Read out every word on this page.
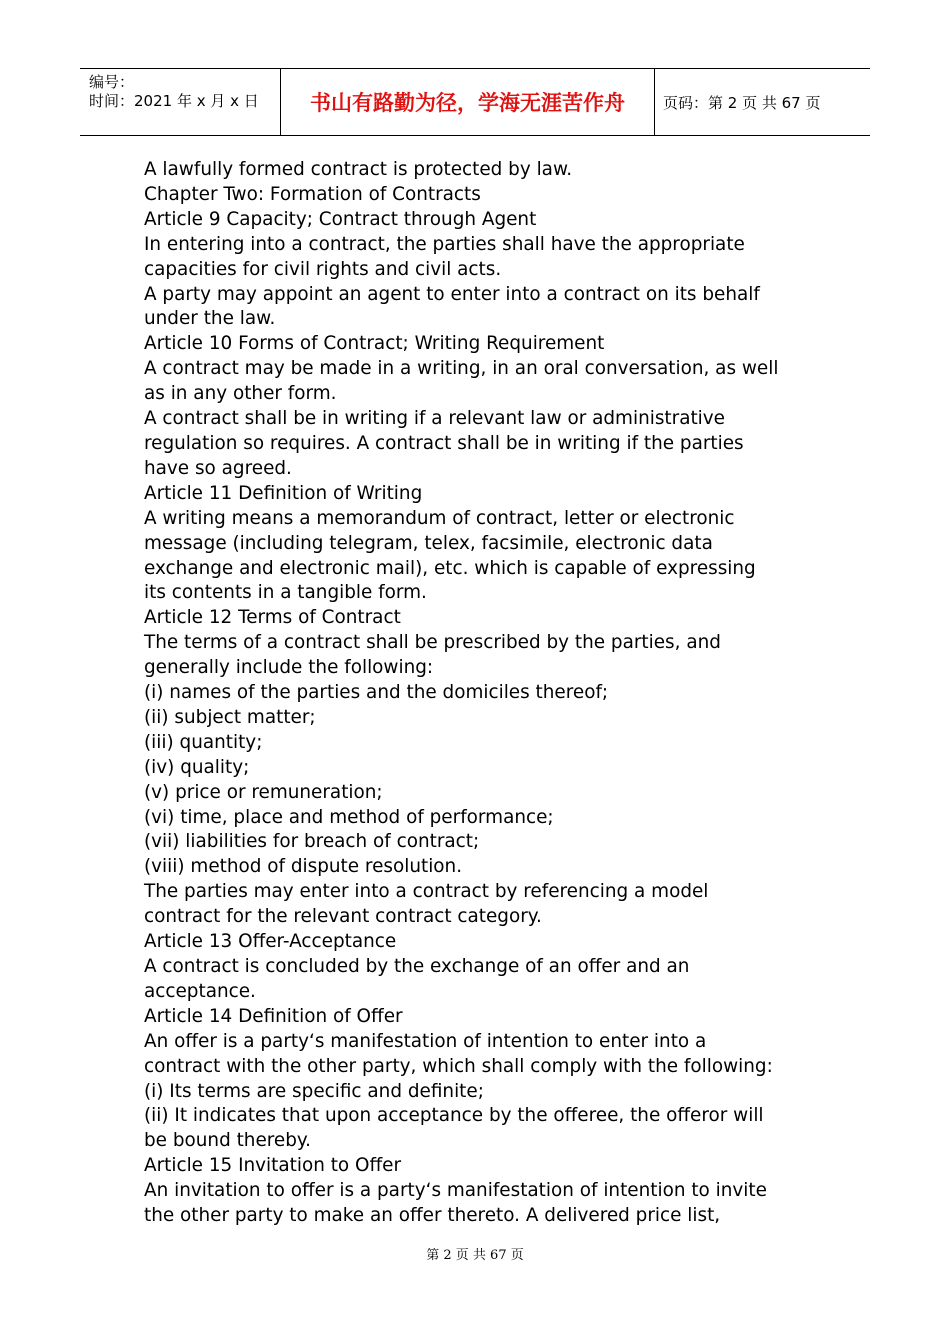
编号：
时间：2021 年 x 月 x 日	书山有路勤为径，学海无涯苦作舟	页码：第 2 页 共 67 页

A lawfully formed contract is protected by law.

Chapter Two: Formation of Contracts

Article 9 Capacity; Contract through Agent

In entering into a contract, the parties shall have the appropriate

capacities for civil rights and civil acts.

A party may appoint an agent to enter into a contract on its behalf

under the law.

Article 10 Forms of Contract; Writing Requirement

A contract may be made in a writing, in an oral conversation, as well

as in any other form.

A contract shall be in writing if a relevant law or administrative

regulation so requires. A contract shall be in writing if the parties

have so agreed.

Article 11 Definition of Writing

A writing means a memorandum of contract, letter or electronic

message (including telegram, telex, facsimile, electronic data

exchange and electronic mail), etc. which is capable of expressing

its contents in a tangible form.

Article 12 Terms of Contract

The terms of a contract shall be prescribed by the parties, and

generally include the following:

(i) names of the parties and the domiciles thereof;

(ii) subject matter;

(iii) quantity;

(iv) quality;

(v) price or remuneration;

(vi) time, place and method of performance;

(vii) liabilities for breach of contract;

(viii) method of dispute resolution.

The parties may enter into a contract by referencing a model

contract for the relevant contract category.

Article 13 Offer-Acceptance

A contract is concluded by the exchange of an offer and an

acceptance.

Article 14 Definition of Offer

An offer is a party‘s manifestation of intention to enter into a

contract with the other party, which shall comply with the following:

(i) Its terms are specific and definite;

(ii) It indicates that upon acceptance by the offeree, the offeror will

be bound thereby.

Article 15 Invitation to Offer

An invitation to offer is a party‘s manifestation of intention to invite

the other party to make an offer thereto. A delivered price list,

第 2 页 共 67 页
